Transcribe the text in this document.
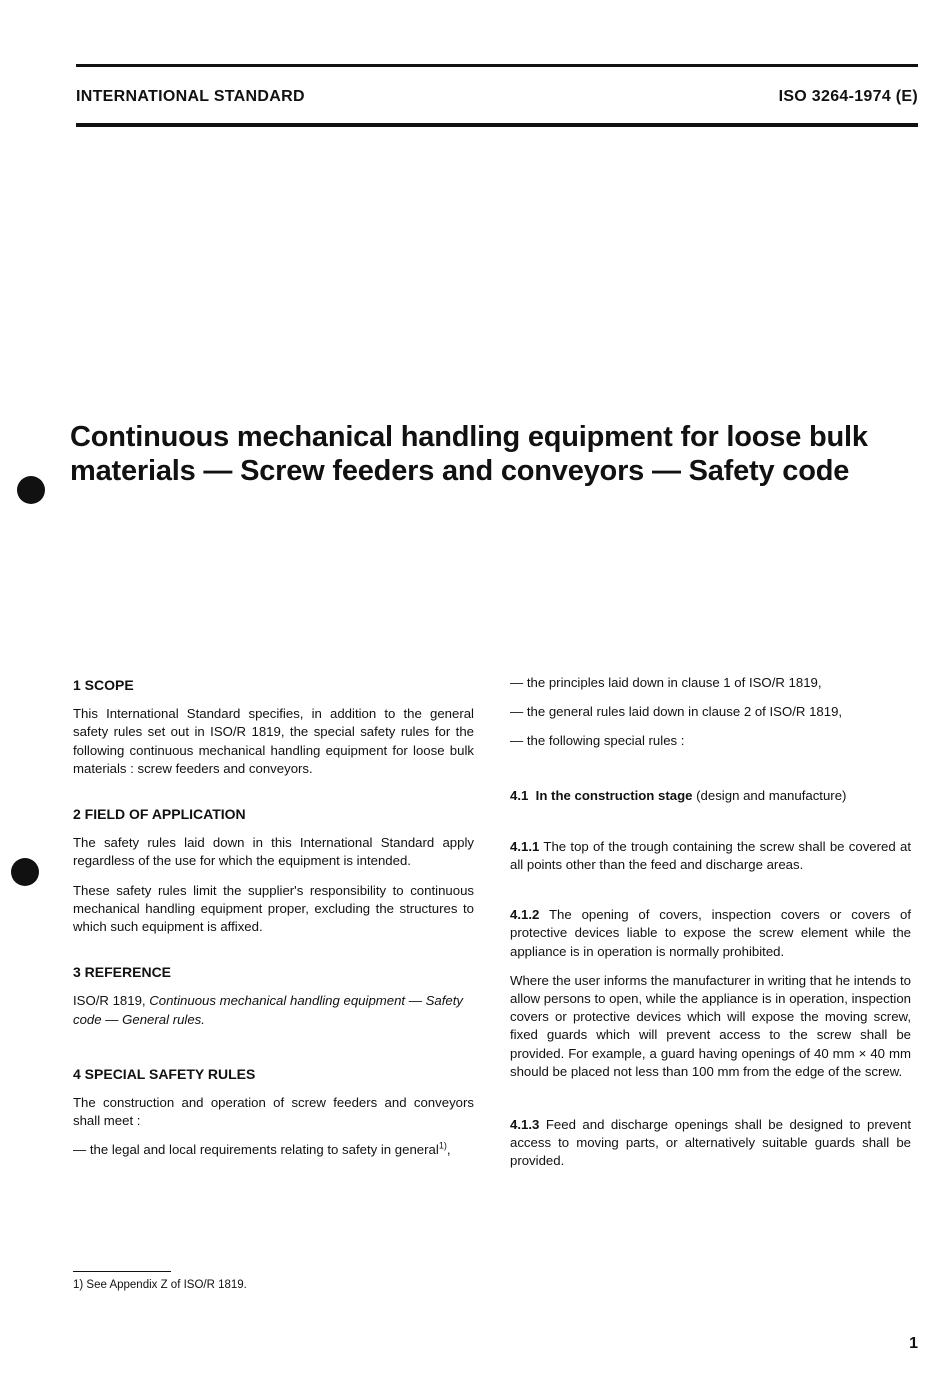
INTERNATIONAL STANDARD	ISO 3264-1974 (E)
Continuous mechanical handling equipment for loose bulk
materials — Screw feeders and conveyors — Safety code
1 SCOPE

This International Standard specifies, in addition to the general safety rules set out in ISO/R 1819, the special safety rules for the following continuous mechanical handling equipment for loose bulk materials : screw feeders and conveyors.

2 FIELD OF APPLICATION

The safety rules laid down in this International Standard apply regardless of the use for which the equipment is intended.

These safety rules limit the supplier's responsibility to continuous mechanical handling equipment proper, excluding the structures to which such equipment is affixed.

3 REFERENCE

ISO/R 1819, Continuous mechanical handling equipment — Safety code — General rules.

4 SPECIAL SAFETY RULES

The construction and operation of screw feeders and conveyors shall meet :

— the legal and local requirements relating to safety in general$^{1)}$,

— the principles laid down in clause 1 of ISO/R 1819,

— the general rules laid down in clause 2 of ISO/R 1819,

— the following special rules :

4.1 In the construction stage (design and manufacture)

4.1.1 The top of the trough containing the screw shall be covered at all points other than the feed and discharge areas.

4.1.2 The opening of covers, inspection covers or covers of protective devices liable to expose the screw element while the appliance is in operation is normally prohibited.

Where the user informs the manufacturer in writing that he intends to allow persons to open, while the appliance is in operation, inspection covers or protective devices which will expose the moving screw, fixed guards which will prevent access to the screw shall be provided. For example, a guard having openings of 40 mm × 40 mm should be placed not less than 100 mm from the edge of the screw.

4.1.3 Feed and discharge openings shall be designed to prevent access to moving parts, or alternatively suitable guards shall be provided.

1) See Appendix Z of ISO/R 1819.
1
